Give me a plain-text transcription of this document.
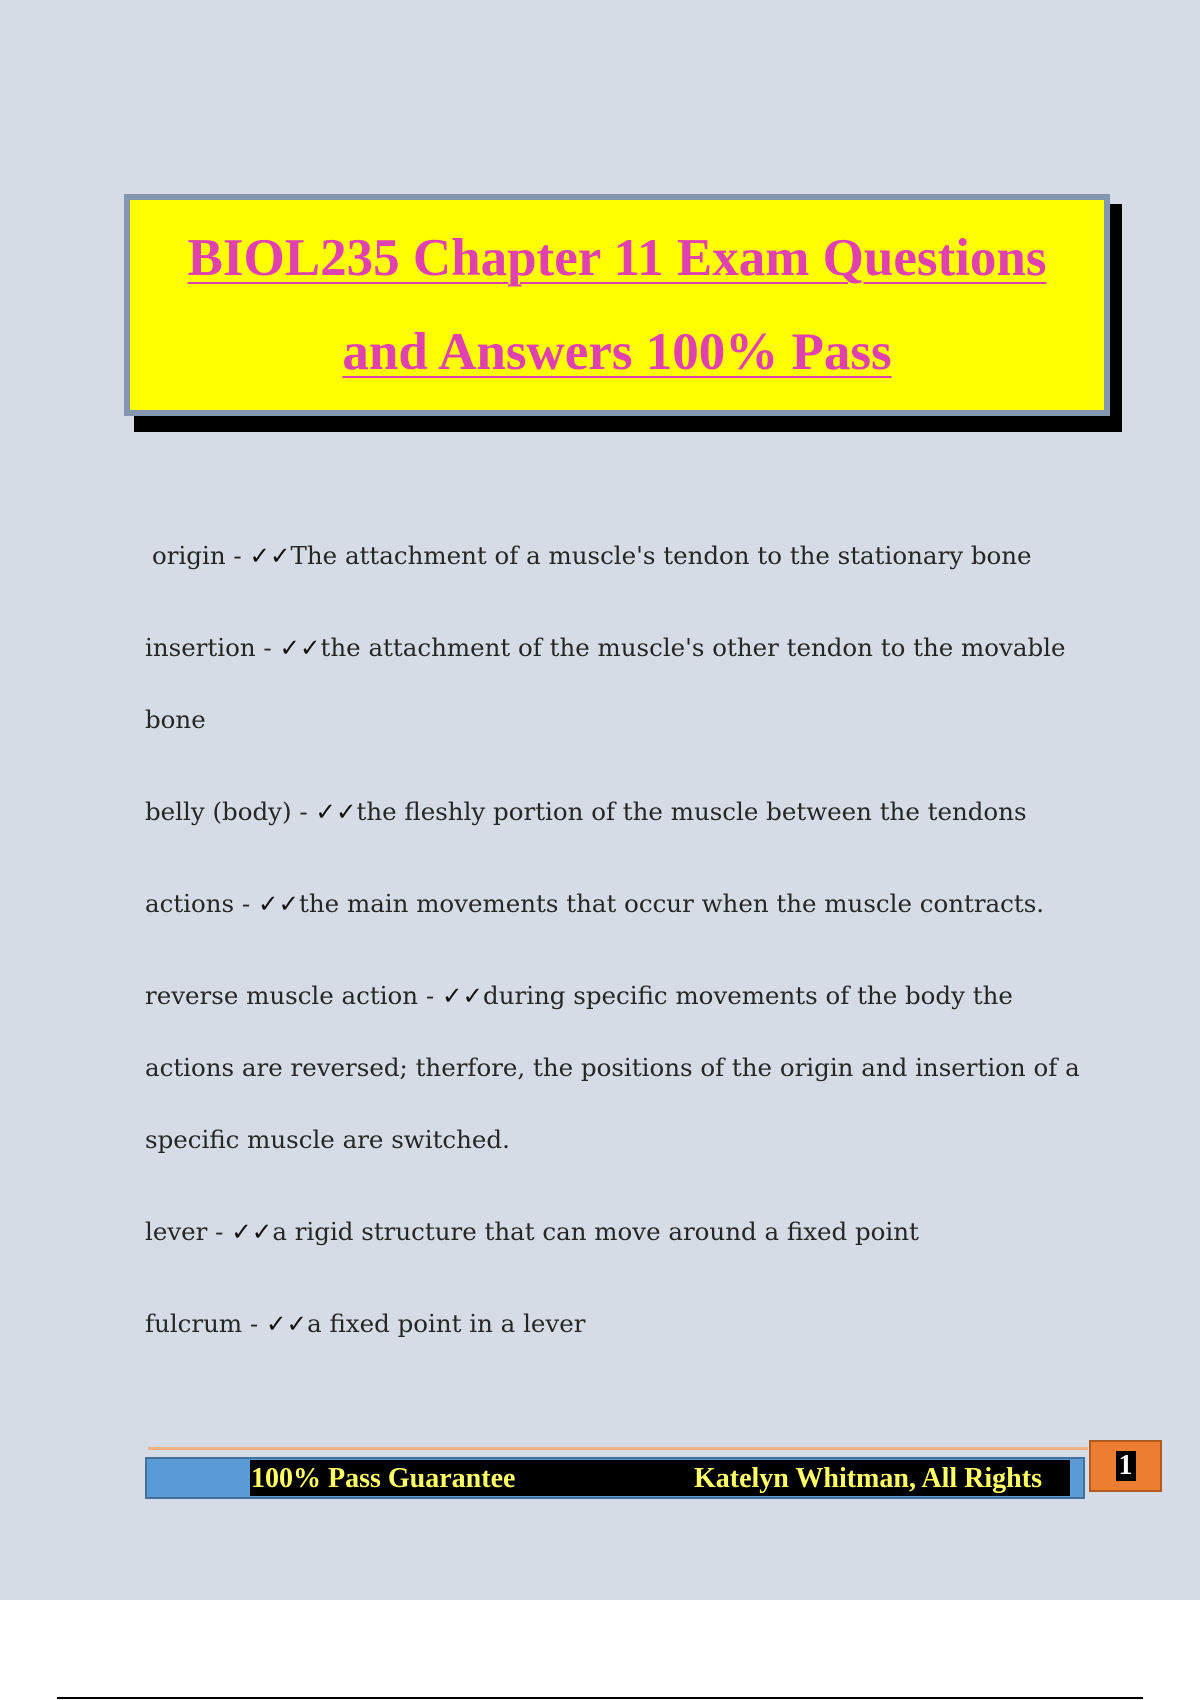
BIOL235 Chapter 11 Exam Questions
and Answers 100% Pass
origin - ✓✓The attachment of a muscle's tendon to the stationary bone
insertion - ✓✓the attachment of the muscle's other tendon to the movable bone
belly (body) - ✓✓the fleshly portion of the muscle between the tendons
actions - ✓✓the main movements that occur when the muscle contracts.
reverse muscle action - ✓✓during specific movements of the body the actions are reversed; therfore, the positions of the origin and insertion of a specific muscle are switched.
lever - ✓✓a rigid structure that can move around a fixed point
fulcrum - ✓✓a fixed point in a lever
100% Pass Guarantee	Katelyn Whitman, All Rights	1
